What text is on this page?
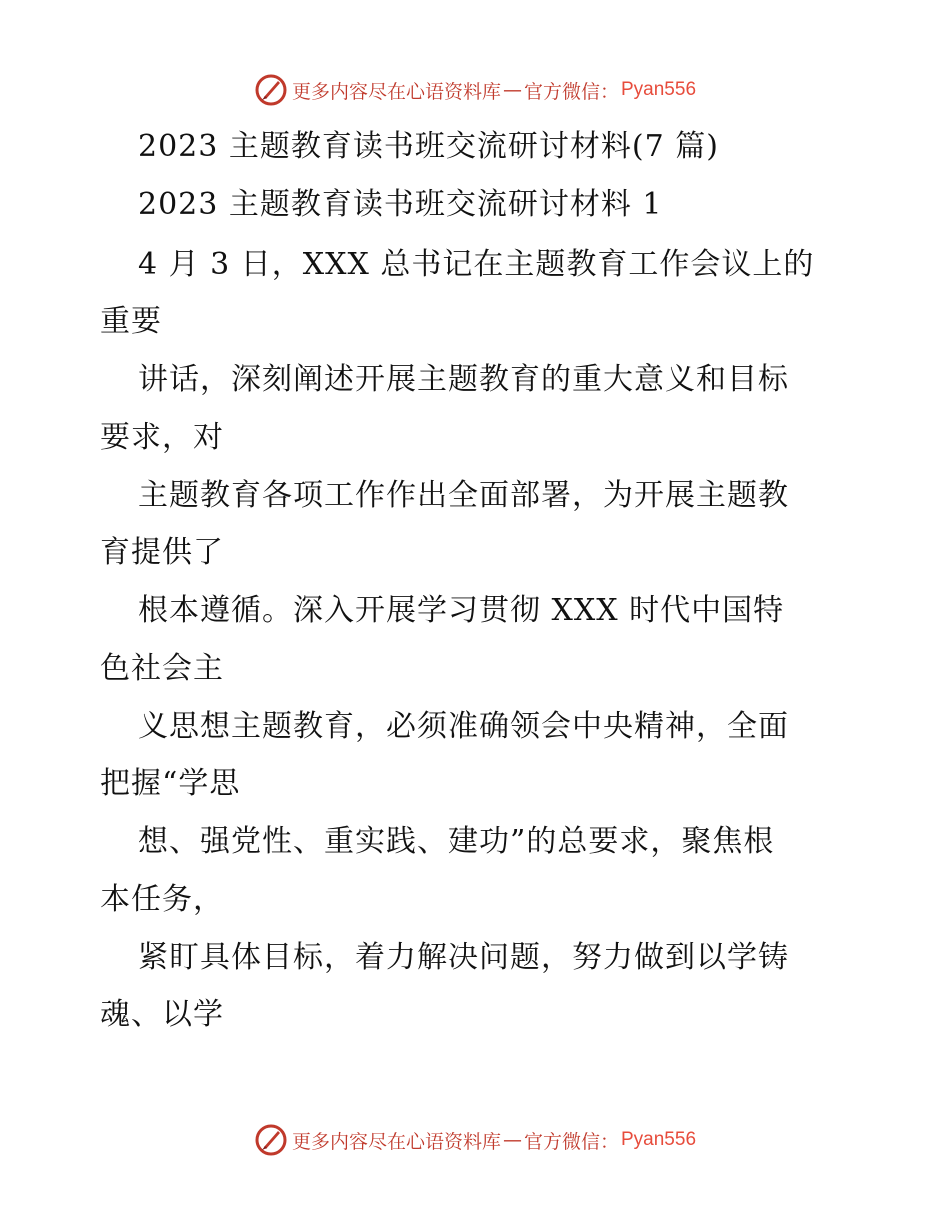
更多内容尽在心语资料库 — 官方微信： Pyan556
2023 主题教育读书班交流研讨材料(7 篇)
2023 主题教育读书班交流研讨材料 1
4 月 3 日，XXX 总书记在主题教育工作会议上的
重要
讲话，深刻阐述开展主题教育的重大意义和目标
要求，对
主题教育各项工作作出全面部署，为开展主题教
育提供了
根本遵循。深入开展学习贯彻 XXX 时代中国特
色社会主
义思想主题教育，必须准确领会中央精神，全面
把握“学思
想、强党性、重实践、建功”的总要求，聚焦根
本任务，
紧盯具体目标，着力解决问题，努力做到以学铸
魂、以学
更多内容尽在心语资料库 — 官方微信： Pyan556
